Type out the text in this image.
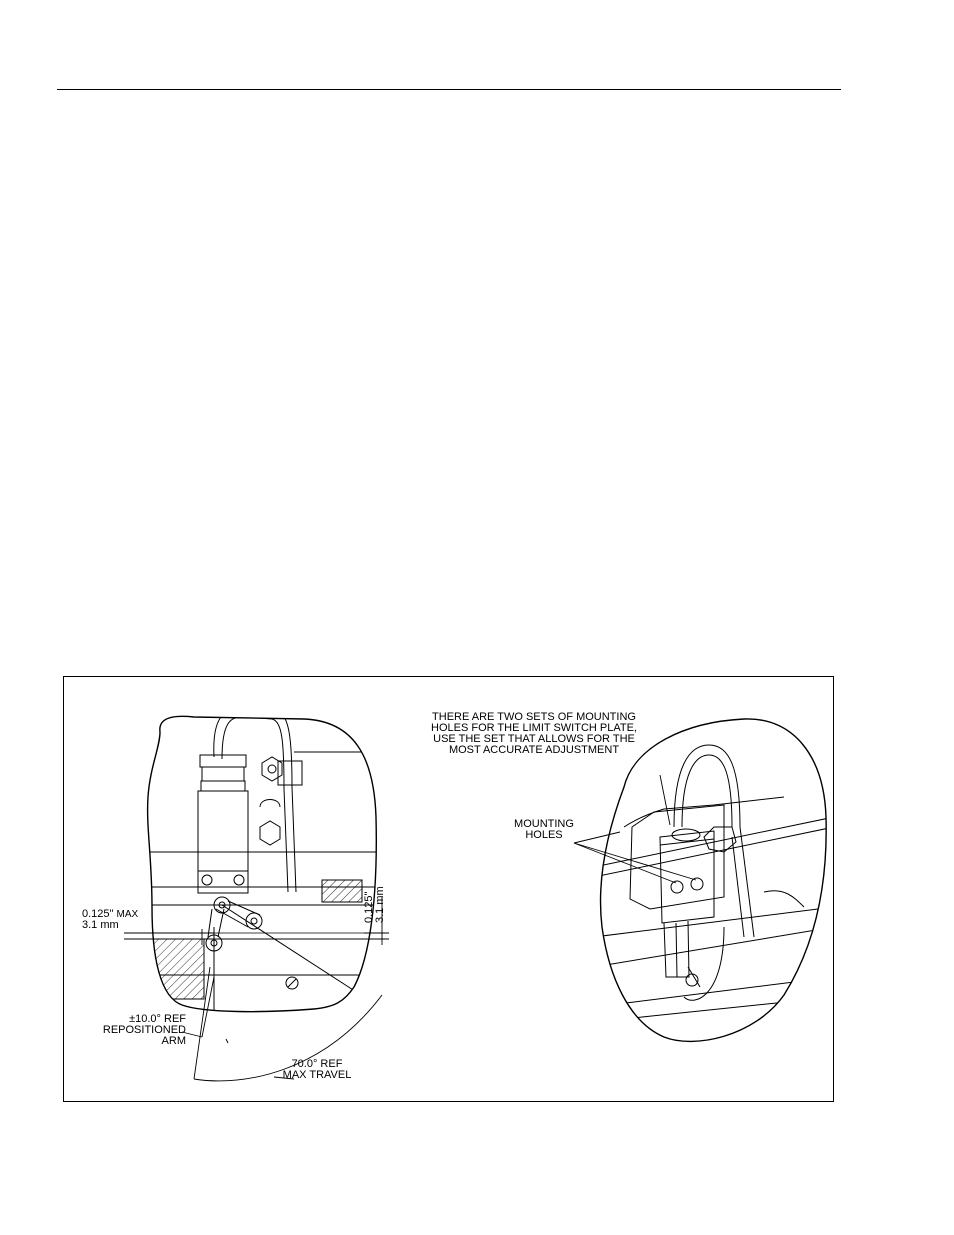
0.125" MAX
3.1 mm
0.125" 3.1 mm
±10.0° REF
REPOSITIONED
ARM
70.0° REF
MAX TRAVEL
THERE ARE TWO SETS OF MOUNTING
HOLES FOR THE LIMIT SWITCH PLATE,
USE THE SET THAT ALLOWS FOR THE
MOST ACCURATE ADJUSTMENT
MOUNTING
HOLES
